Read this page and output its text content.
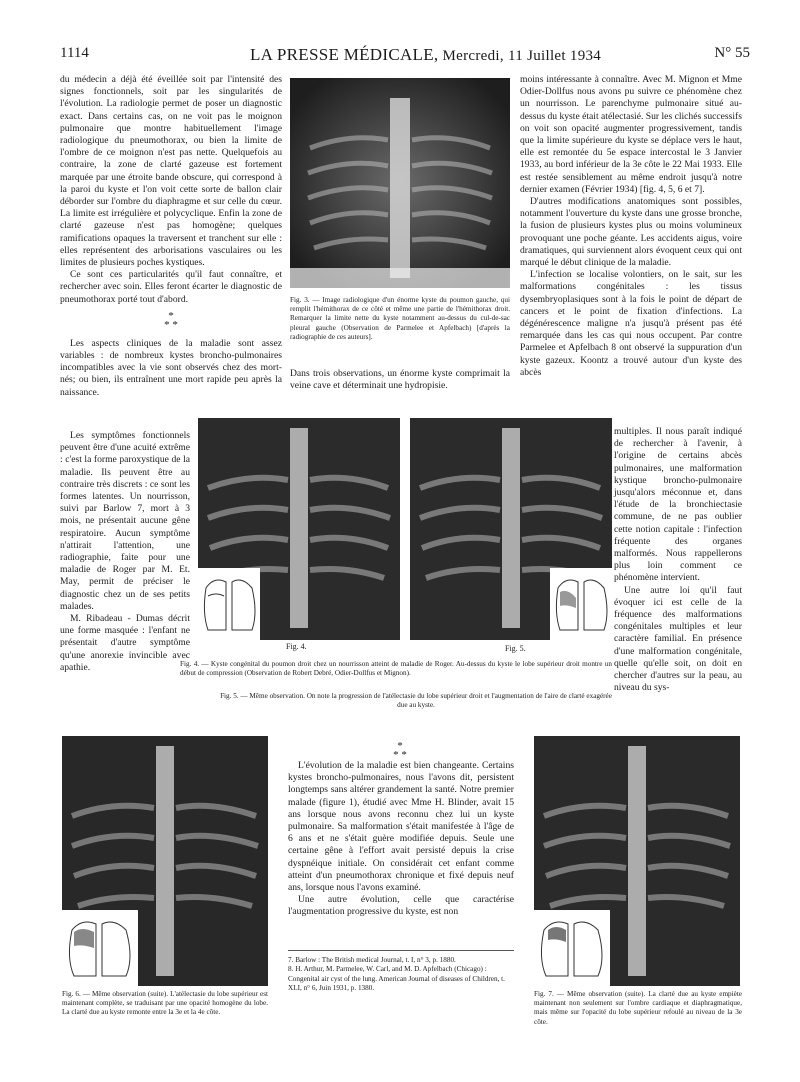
1114	LA PRESSE MÉDICALE, Mercredi, 11 Juillet 1934	N° 55

du médecin a déjà été éveillée soit par l'intensité des signes fonctionnels, soit par les singularités de l'évolution. La radiologie permet de poser un diagnostic exact. Dans certains cas, on ne voit pas le moignon pulmonaire que montre habituellement l'image radiologique du pneumothorax, ou bien la limite de l'ombre de ce moignon n'est pas nette. Quelquefois au contraire, la zone de clarté gazeuse est fortement marquée par une étroite bande obscure, qui correspond à la paroi du kyste et l'on voit cette sorte de ballon clair déborder sur l'ombre du diaphragme et sur celle du cœur. La limite est irrégulière et polycyclique. Enfin la zone de clarté gazeuse n'est pas homogène; quelques ramifications opaques la traversent et tranchent sur elle : elles représentent des arborisations vasculaires ou les limites de plusieurs poches kystiques.

Ce sont ces particularités qu'il faut connaître, et rechercher avec soin. Elles feront écarter le diagnostic de pneumothorax porté tout d'abord.

*
* *

Les aspects cliniques de la maladie sont assez variables : de nombreux kystes broncho-pulmonaires incompatibles avec la vie sont observés chez des mort-nés; ou bien, ils entraînent une mort rapide peu après la naissance.

Les symptômes fonctionnels peuvent être d'une acuité extrême : c'est la forme paroxystique de la maladie. Ils peuvent être au contraire très discrets : ce sont les formes latentes. Un nourrisson, suivi par Barlow 7, mort à 3 mois, ne présentait aucune gêne respiratoire. Aucun symptôme n'attirait l'attention, une radiographie, faite pour une maladie de Roger par M. Et. May, permit de préciser le diagnostic chez un de ses petits malades.

M. Ribadeau - Dumas décrit une forme masquée : l'enfant ne présentait d'autre symptôme qu'une anorexie invincible avec apathie.

Fig. 3. — Image radiologique d'un énorme kyste du poumon gauche, qui remplit l'hémithorax de ce côté et même une partie de l'hémithorax droit. Remarquer la limite nette du kyste notamment au-dessus du cul-de-sac pleural gauche (Observation de Parmelee et Apfelbach) [d'après la radiographie de ces auteurs].
Dans trois observations, un énorme kyste comprimait la veine cave et déterminait une hydropisie.

moins intéressante à connaître. Avec M. Mignon et Mme Odier-Dollfus nous avons pu suivre ce phénomène chez un nourrisson. Le parenchyme pulmonaire situé au-dessus du kyste était atélectasié. Sur les clichés successifs on voit son opacité augmenter progressivement, tandis que la limite supérieure du kyste se déplace vers le haut, elle est remontée du 5e espace intercostal le 3 Janvier 1933, au bord inférieur de la 3e côte le 22 Mai 1933. Elle est restée sensiblement au même endroit jusqu'à notre dernier examen (Février 1934) [fig. 4, 5, 6 et 7].

D'autres modifications anatomiques sont possibles, notamment l'ouverture du kyste dans une grosse bronche, la fusion de plusieurs kystes plus ou moins volumineux provoquant une poche géante. Les accidents aigus, voire dramatiques, qui surviennent alors évoquent ceux qui ont marqué le début clinique de la maladie.

L'infection se localise volontiers, on le sait, sur les malformations congénitales : les tissus dysembryoplasiques sont à la fois le point de départ de cancers et le point de fixation d'infections. La dégénérescence maligne n'a jusqu'à présent pas été remarquée dans les cas qui nous occupent. Par contre Parmelee et Apfelbach 8 ont observé la suppuration d'un kyste gazeux. Koontz a trouvé autour d'un kyste des abcès

multiples. Il nous paraît indiqué de rechercher à l'avenir, à l'origine de certains abcès pulmonaires, une malformation kystique broncho-pulmonaire jusqu'alors méconnue et, dans l'étude de la bronchiectasie commune, de ne pas oublier cette notion capitale : l'infection fréquente des organes malformés. Nous rappellerons plus loin comment ce phénomène intervient.

Une autre loi qu'il faut évoquer ici est celle de la fréquence des malformations congénitales multiples et leur caractère familial. En présence d'une malformation congénitale, quelle qu'elle soit, on doit en chercher d'autres sur la peau, au niveau du sys-

Fig. 4.	Fig. 5.
Fig. 4. — Kyste congénital du poumon droit chez un nourrisson atteint de maladie de Roger. Au-dessus du kyste le lobe supérieur droit montre un début de compression (Observation de Robert Debré, Odier-Dollfus et Mignon).
Fig. 5. — Même observation. On note la progression de l'atélectasie du lobe supérieur droit et l'augmentation de l'aire de clarté exagérée due au kyste.
Fig. 6. — Même observation (suite). L'atélectasie du lobe supérieur est maintenant complète, se traduisant par une opacité homogène du lobe. La clarté due au kyste remonte entre la 3e et la 4e côte.
*
* *

L'évolution de la maladie est bien changeante. Certains kystes broncho-pulmonaires, nous l'avons dit, persistent longtemps sans altérer grandement la santé. Notre premier malade (figure 1), étudié avec Mme H. Blinder, avait 15 ans lorsque nous avons reconnu chez lui un kyste pulmonaire. Sa malformation s'était manifestée à l'âge de 6 ans et ne s'était guère modifiée depuis. Seule une certaine gêne à l'effort avait persisté depuis la crise dyspnéique initiale. On considérait cet enfant comme atteint d'un pneumothorax chronique et fixé depuis neuf ans, lorsque nous l'avons examiné.

Une autre évolution, celle que caractérise l'augmentation progressive du kyste, est non

7. Barlow : The British medical Journal, t. I, n° 3, p. 1880.
8. H. Arthur, M. Parmelee, W. Carl, and M. D. Apfelbach (Chicago) : Congenital air cyst of the lung. American Journal of diseases of Children, t. XLI, n° 6, Juin 1931, p. 1380.
Fig. 7. — Même observation (suite). La clarté due au kyste empiète maintenant non seulement sur l'ombre cardiaque et diaphragmatique, mais même sur l'opacité du lobe supérieur refoulé au niveau de la 3e côte.
